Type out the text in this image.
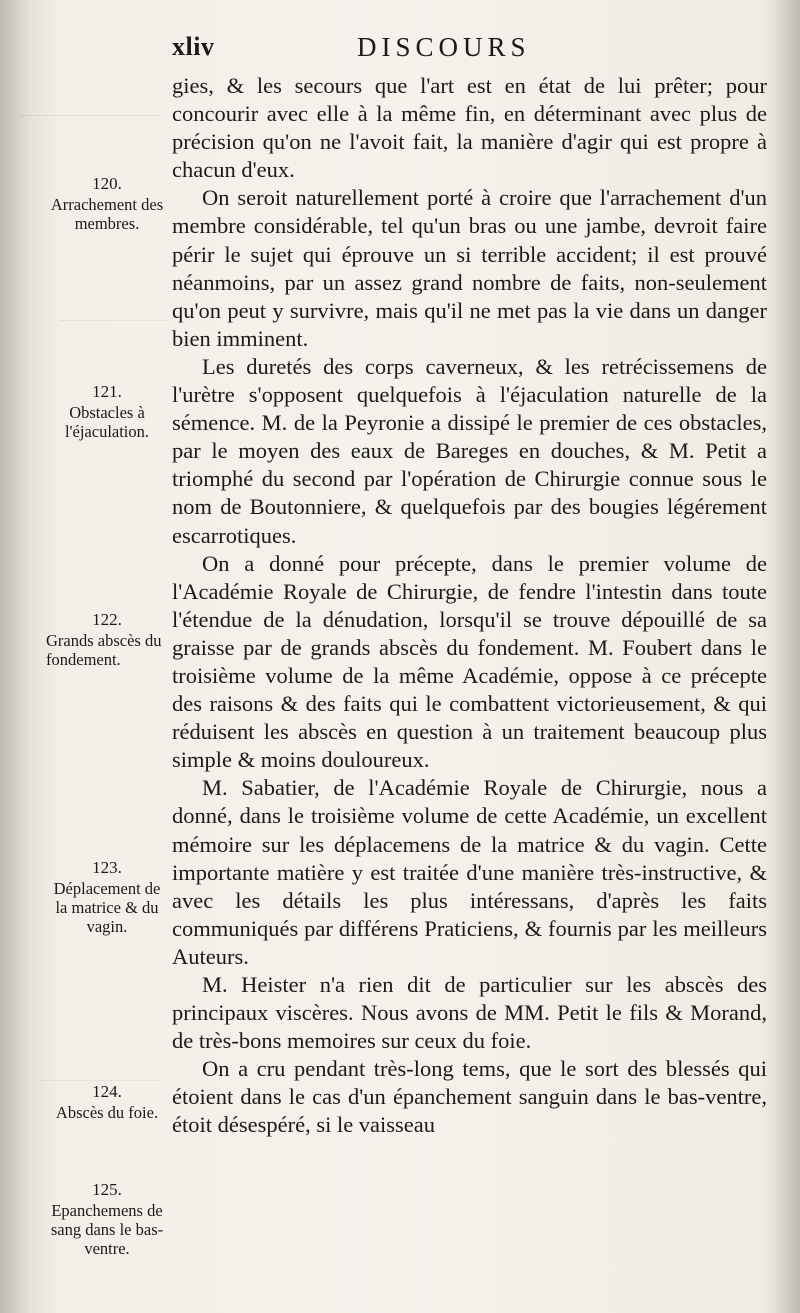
xliv	DISCOURS

gies, & les secours que l'art est en état de lui prêter; pour concourir avec elle à la même fin, en déterminant avec plus de précision qu'on ne l'avoit fait, la manière d'agir qui est propre à chacun d'eux.

On seroit naturellement porté à croire que l'arrachement d'un membre considérable, tel qu'un bras ou une jambe, devroit faire périr le sujet qui éprouve un si terrible accident; il est prouvé néanmoins, par un assez grand nombre de faits, non-seulement qu'on peut y survivre, mais qu'il ne met pas la vie dans un danger bien imminent.

Les duretés des corps caverneux, & les retrécissemens de l'urètre s'opposent quelquefois à l'éjaculation naturelle de la sémence. M. de la Peyronie a dissipé le premier de ces obstacles, par le moyen des eaux de Bareges en douches, & M. Petit a triomphé du second par l'opération de Chirurgie connue sous le nom de Boutonniere, & quelquefois par des bougies légérement escarrotiques.

On a donné pour précepte, dans le premier volume de l'Académie Royale de Chirurgie, de fendre l'intestin dans toute l'étendue de la dénudation, lorsqu'il se trouve dépouillé de sa graisse par de grands abscès du fondement. M. Foubert dans le troisième volume de la même Académie, oppose à ce précepte des raisons & des faits qui le combattent victorieusement, & qui réduisent les abscès en question à un traitement beaucoup plus simple & moins douloureux.

M. Sabatier, de l'Académie Royale de Chirurgie, nous a donné, dans le troisième volume de cette Académie, un excellent mémoire sur les déplacemens de la matrice & du vagin. Cette importante matière y est traitée d'une manière très-instructive, & avec les détails les plus intéressans, d'après les faits communiqués par différens Praticiens, & fournis par les meilleurs Auteurs.

M. Heister n'a rien dit de particulier sur les abscès des principaux viscères. Nous avons de MM. Petit le fils & Morand, de très-bons memoires sur ceux du foie.

On a cru pendant très-long tems, que le sort des blessés qui étoient dans le cas d'un épanchement sanguin dans le bas-ventre, étoit désespéré, si le vaisseau

120.
Arrachement des membres.
121.
Obstacles à l'éjaculation.
122.
Grands abscès du fondement.
123.
Déplacement de la matrice & du vagin.
124.
Abscès du foie.
125.
Epanchemens de sang dans le bas-ventre.
